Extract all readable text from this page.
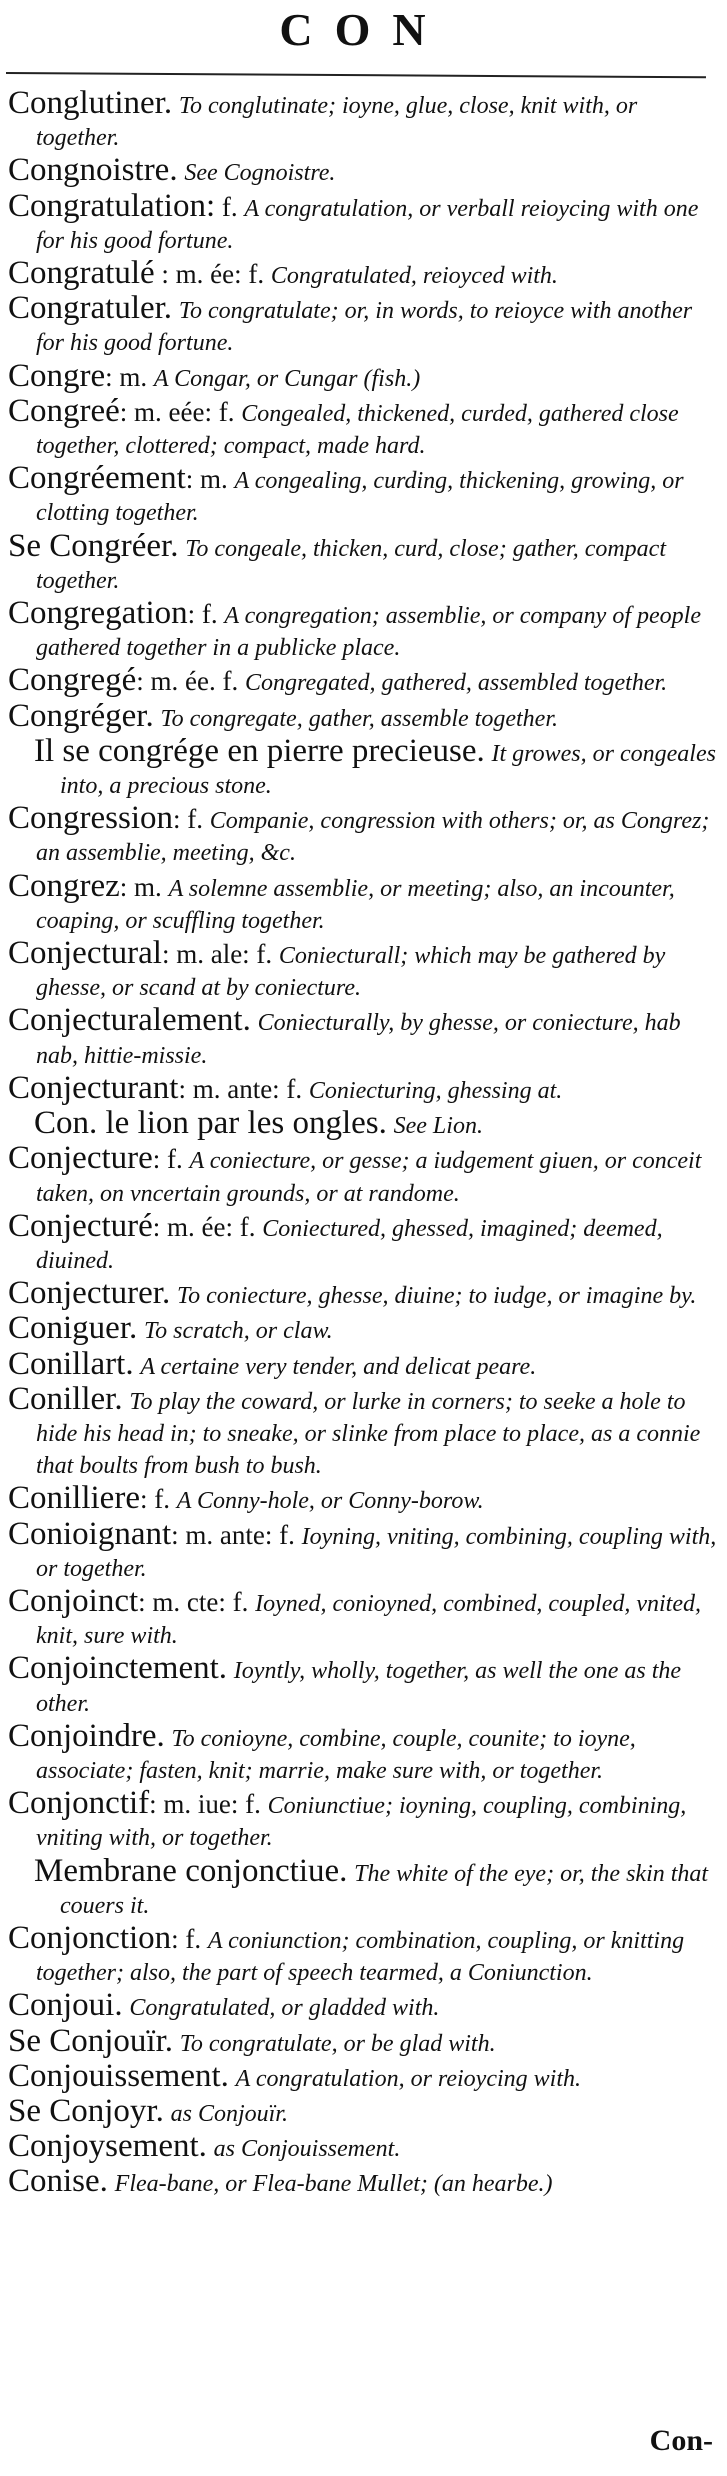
CON
Conglutiner. To conglutinate; ioyne, glue, close, knit with, or together.
Congnoistre. See Cognoistre.
Congratulation: f. A congratulation, or verball reioycing with one for his good fortune.
Congratulé : m. ée: f. Congratulated, reioyced with.
Congratuler. To congratulate; or, in words, to reioyce with another for his good fortune.
Congre: m. A Congar, or Cungar (fish.)
Congreé: m. eée: f. Congealed, thickened, curded, gathered close together, clottered; compact, made hard.
Congréement: m. A congealing, curding, thickening, growing, or clotting together.
Se Congréer. To congeale, thicken, curd, close; gather, compact together.
Congregation: f. A congregation; assemblie, or company of people gathered together in a publicke place.
Congregé: m. ée. f. Congregated, gathered, assembled together.
Congréger. To congregate, gather, assemble together.
Il se congrége en pierre precieuse. It growes, or congeales into, a precious stone.
Congression: f. Companie, congression with others; or, as Congrez; an assemblie, meeting, &c.
Congrez: m. A solemne assemblie, or meeting; also, an incounter, coaping, or scuffling together.
Conjectural: m. ale: f. Coniecturall; which may be gathered by ghesse, or scand at by coniecture.
Conjecturalement. Coniecturally, by ghesse, or coniecture, hab nab, hittie-missie.
Conjecturant: m. ante: f. Coniecturing, ghessing at.
Con. le lion par les ongles. See Lion.
Conjecture: f. A coniecture, or gesse; a iudgement giuen, or conceit taken, on vncertain grounds, or at randome.
Conjecturé: m. ée: f. Coniectured, ghessed, imagined; deemed, diuined.
Conjecturer. To coniecture, ghesse, diuine; to iudge, or imagine by.
Coniguer. To scratch, or claw.
Conillart. A certaine very tender, and delicat peare.
Coniller. To play the coward, or lurke in corners; to seeke a hole to hide his head in; to sneake, or slinke from place to place, as a connie that boults from bush to bush.
Conilliere: f. A Conny-hole, or Conny-borow.
Conioignant: m. ante: f. Ioyning, vniting, combining, coupling with, or together.
Conjoinct: m. cte: f. Ioyned, conioyned, combined, coupled, vnited, knit, sure with.
Conjoinctement. Ioyntly, wholly, together, as well the one as the other.
Conjoindre. To conioyne, combine, couple, counite; to ioyne, associate; fasten, knit; marrie, make sure with, or together.
Conjonctif: m. iue: f. Coniunctiue; ioyning, coupling, combining, vniting with, or together.
Membrane conjonctiue. The white of the eye; or, the skin that couers it.
Conjonction: f. A coniunction; combination, coupling, or knitting together; also, the part of speech tearmed, a Coniunction.
Conjoui. Congratulated, or gladded with.
Se Conjouïr. To congratulate, or be glad with.
Conjouissement. A congratulation, or reioycing with.
Se Conjoyr. as Conjouïr.
Conjoysement. as Conjouissement.
Conise. Flea-bane, or Flea-bane Mullet; (an hearbe.)
Con-
